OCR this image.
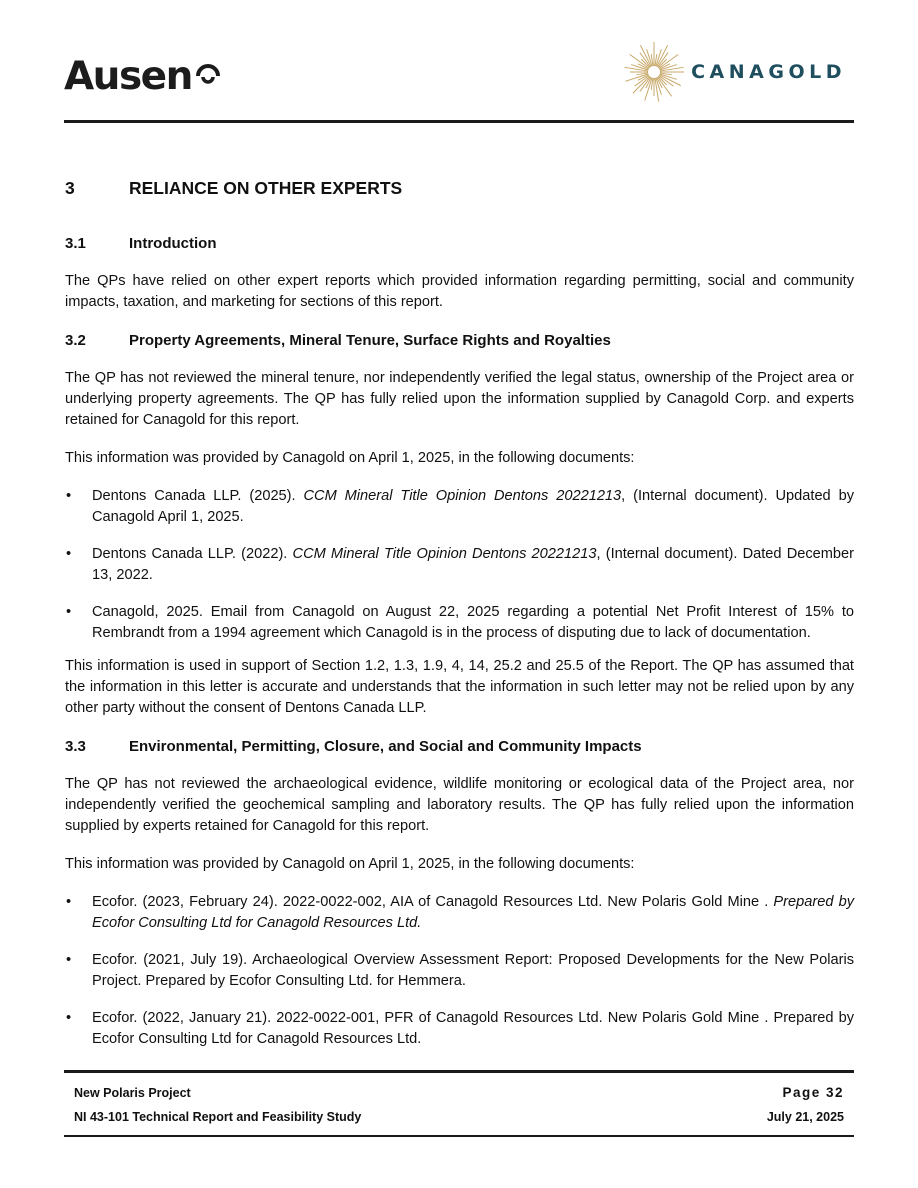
Ausen	CANAGOLD
3	RELIANCE ON OTHER EXPERTS
3.1	Introduction

The QPs have relied on other expert reports which provided information regarding permitting, social and community impacts, taxation, and marketing for sections of this report.

3.2	Property Agreements, Mineral Tenure, Surface Rights and Royalties

The QP has not reviewed the mineral tenure, nor independently verified the legal status, ownership of the Project area or underlying property agreements. The QP has fully relied upon the information supplied by Canagold Corp. and experts retained for Canagold for this report.

This information was provided by Canagold on April 1, 2025, in the following documents:

• Dentons Canada LLP. (2025). CCM Mineral Title Opinion Dentons 20221213, (Internal document). Updated by Canagold April 1, 2025.
• Dentons Canada LLP. (2022). CCM Mineral Title Opinion Dentons 20221213, (Internal document). Dated December 13, 2022.
• Canagold, 2025. Email from Canagold on August 22, 2025 regarding a potential Net Profit Interest of 15% to Rembrandt from a 1994 agreement which Canagold is in the process of disputing due to lack of documentation.

This information is used in support of Section 1.2, 1.3, 1.9, 4, 14, 25.2 and 25.5 of the Report. The QP has assumed that the information in this letter is accurate and understands that the information in such letter may not be relied upon by any other party without the consent of Dentons Canada LLP.

3.3	Environmental, Permitting, Closure, and Social and Community Impacts

The QP has not reviewed the archaeological evidence, wildlife monitoring or ecological data of the Project area, nor independently verified the geochemical sampling and laboratory results. The QP has fully relied upon the information supplied by experts retained for Canagold for this report.

This information was provided by Canagold on April 1, 2025, in the following documents:

• Ecofor. (2023, February 24). 2022-0022-002, AIA of Canagold Resources Ltd. New Polaris Gold Mine . Prepared by Ecofor Consulting Ltd for Canagold Resources Ltd.
• Ecofor. (2021, July 19). Archaeological Overview Assessment Report: Proposed Developments for the New Polaris Project. Prepared by Ecofor Consulting Ltd. for Hemmera.
• Ecofor. (2022, January 21). 2022-0022-001, PFR of Canagold Resources Ltd. New Polaris Gold Mine . Prepared by Ecofor Consulting Ltd for Canagold Resources Ltd.
New Polaris Project	Page 32
NI 43-101 Technical Report and Feasibility Study	July 21, 2025
